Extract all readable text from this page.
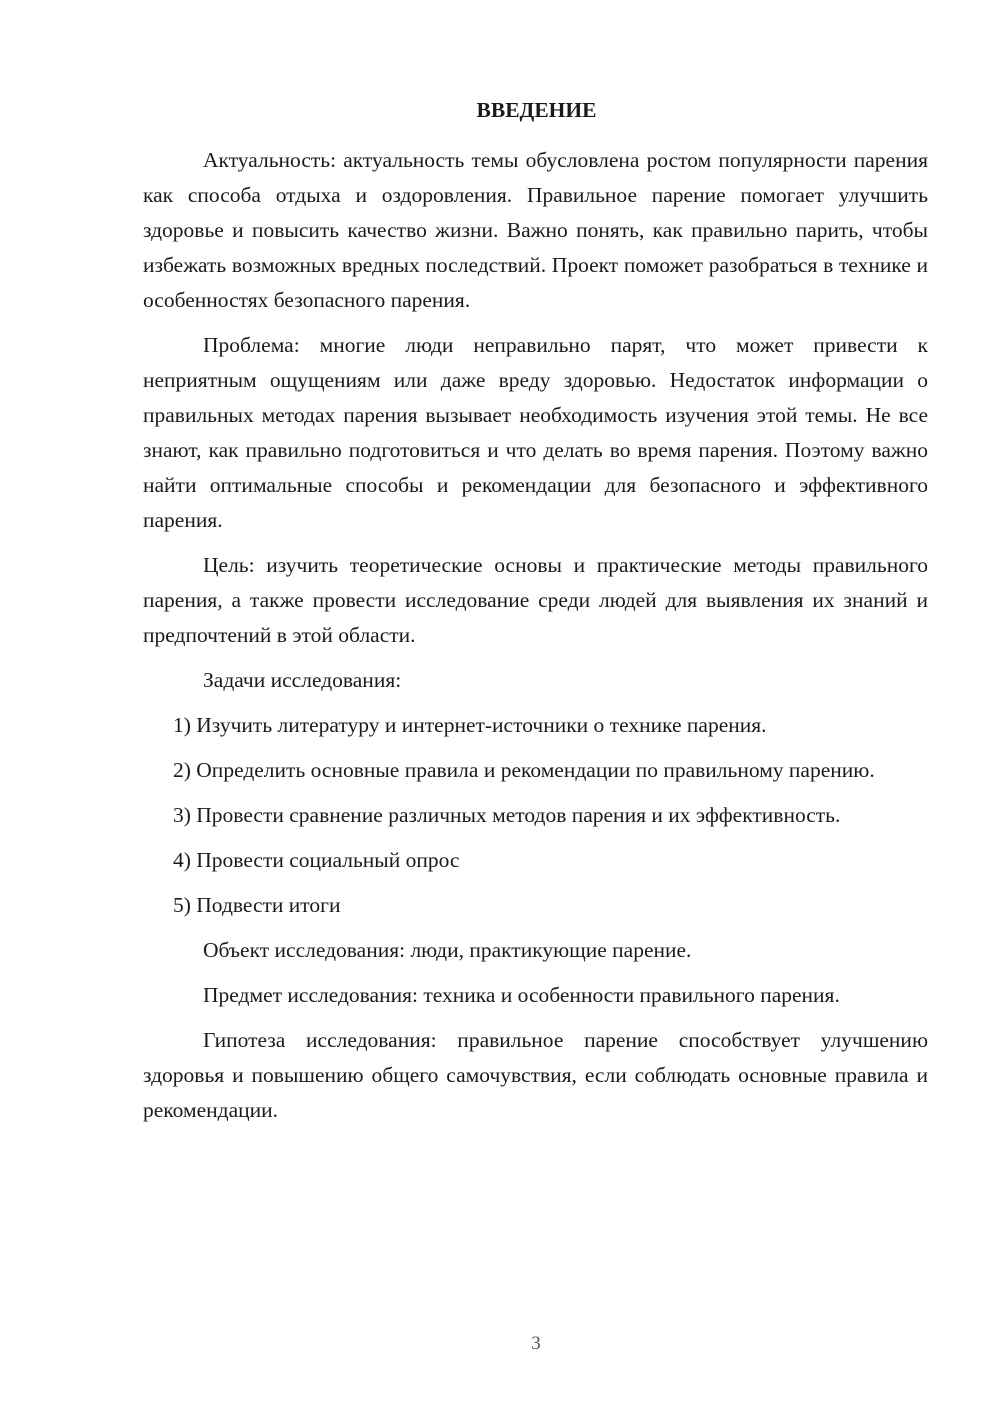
ВВЕДЕНИЕ

Актуальность: актуальность темы обусловлена ростом популярности парения как способа отдыха и оздоровления. Правильное парение помогает улучшить здоровье и повысить качество жизни. Важно понять, как правильно парить, чтобы избежать возможных вредных последствий. Проект поможет разобраться в технике и особенностях безопасного парения.

Проблема: многие люди неправильно парят, что может привести к неприятным ощущениям или даже вреду здоровью. Недостаток информации о правильных методах парения вызывает необходимость изучения этой темы. Не все знают, как правильно подготовиться и что делать во время парения. Поэтому важно найти оптимальные способы и рекомендации для безопасного и эффективного парения.

Цель: изучить теоретические основы и практические методы правильного парения, а также провести исследование среди людей для выявления их знаний и предпочтений в этой области.

Задачи исследования:

1) Изучить литературу и интернет-источники о технике парения.

2) Определить основные правила и рекомендации по правильному парению.

3) Провести сравнение различных методов парения и их эффективность.

4) Провести социальный опрос

5) Подвести итоги

Объект исследования: люди, практикующие парение.

Предмет исследования: техника и особенности правильного парения.

Гипотеза исследования: правильное парение способствует улучшению здоровья и повышению общего самочувствия, если соблюдать основные правила и рекомендации.

3
